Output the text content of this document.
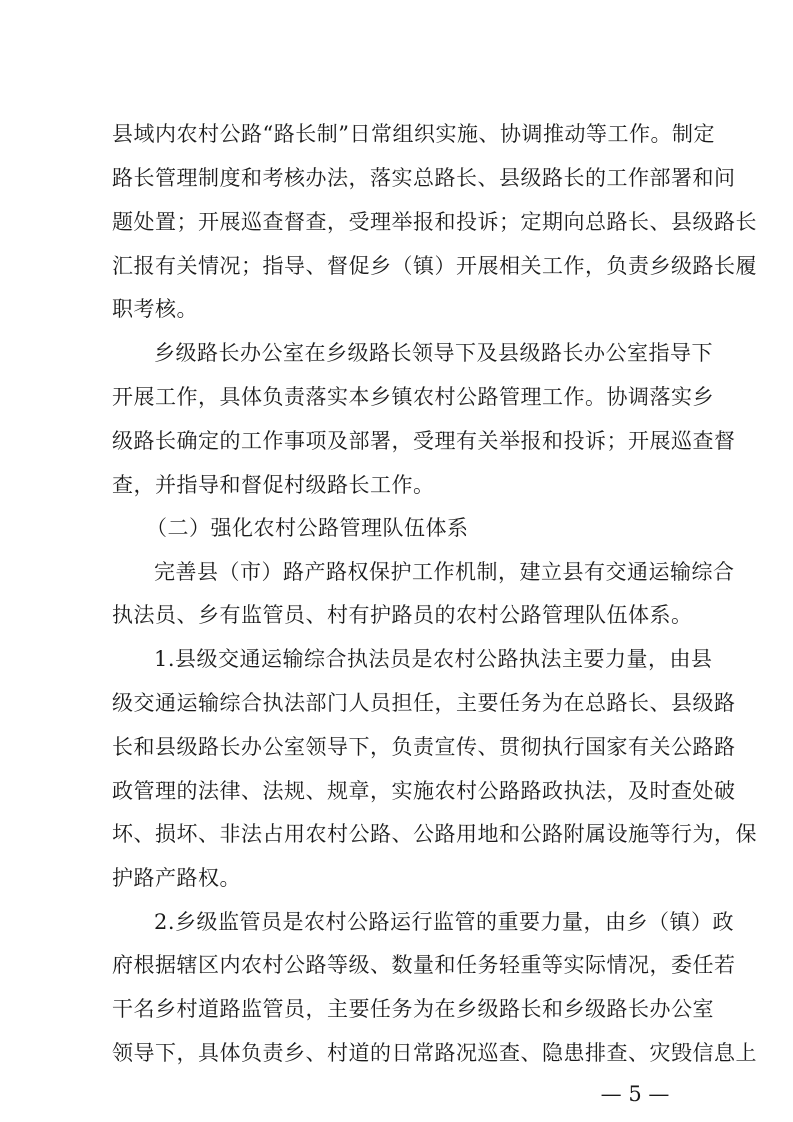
县域内农村公路“路长制”日常组织实施、协调推动等工作。制定
路长管理制度和考核办法，落实总路长、县级路长的工作部署和问
题处置；开展巡查督查，受理举报和投诉；定期向总路长、县级路长
汇报有关情况；指导、督促乡（镇）开展相关工作，负责乡级路长履
职考核。
乡级路长办公室在乡级路长领导下及县级路长办公室指导下
开展工作，具体负责落实本乡镇农村公路管理工作。协调落实乡
级路长确定的工作事项及部署，受理有关举报和投诉；开展巡查督
查，并指导和督促村级路长工作。
（二）强化农村公路管理队伍体系
完善县（市）路产路权保护工作机制，建立县有交通运输综合
执法员、乡有监管员、村有护路员的农村公路管理队伍体系。
1.县级交通运输综合执法员是农村公路执法主要力量，由县
级交通运输综合执法部门人员担任，主要任务为在总路长、县级路
长和县级路长办公室领导下，负责宣传、贯彻执行国家有关公路路
政管理的法律、法规、规章，实施农村公路路政执法，及时查处破
坏、损坏、非法占用农村公路、公路用地和公路附属设施等行为，保
护路产路权。
2.乡级监管员是农村公路运行监管的重要力量，由乡（镇）政
府根据辖区内农村公路等级、数量和任务轻重等实际情况，委任若
干名乡村道路监管员，主要任务为在乡级路长和乡级路长办公室
领导下，具体负责乡、村道的日常路况巡查、隐患排查、灾毁信息上
— 5 —
